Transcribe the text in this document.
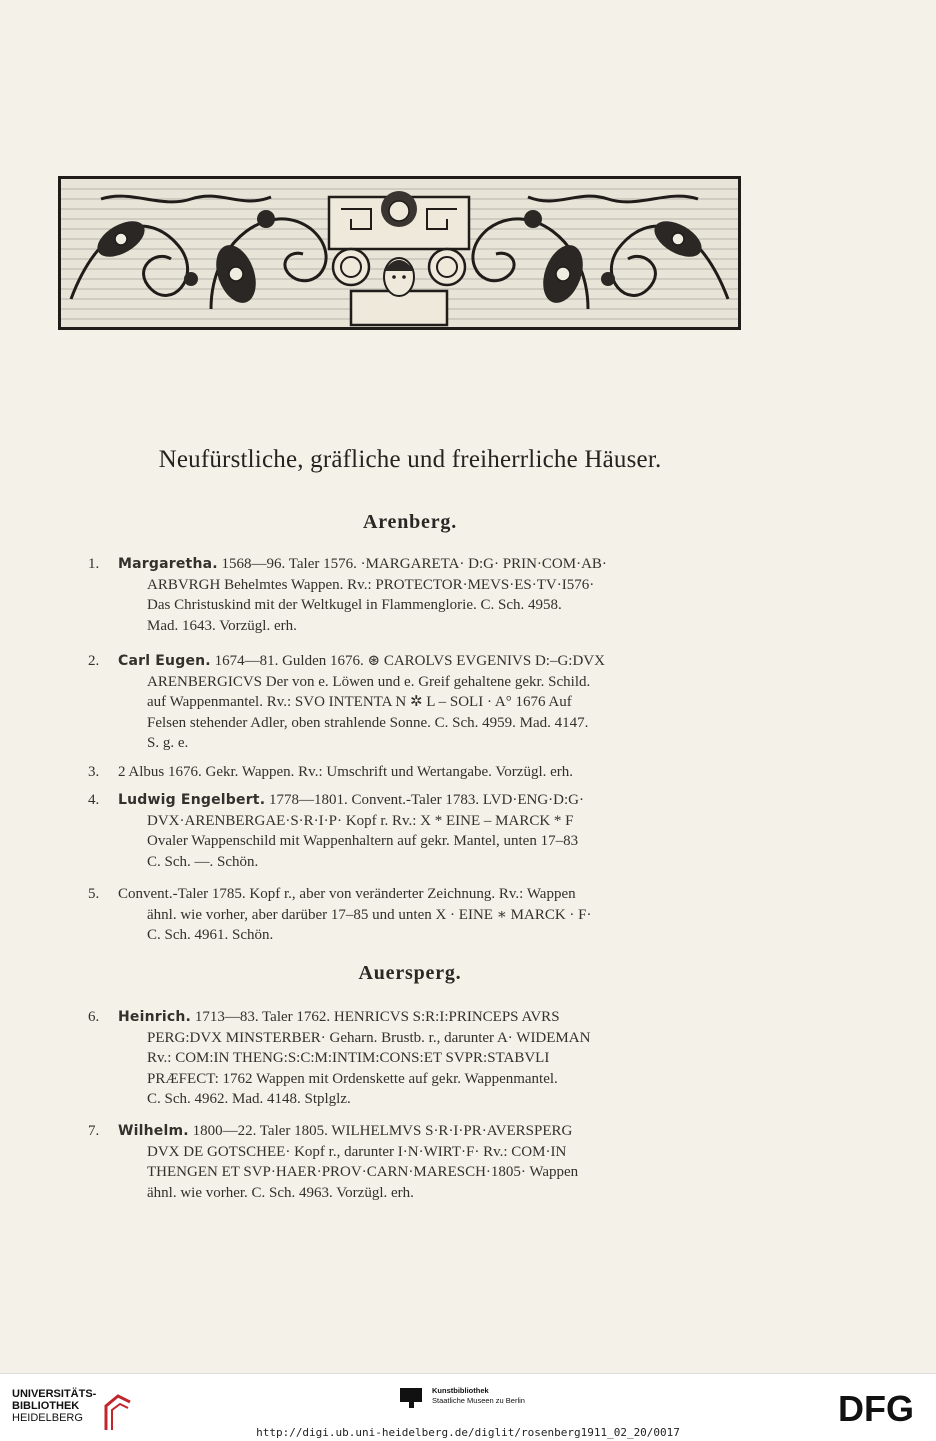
Neufürstliche, gräfliche und freiherrliche Häuser.
Arenberg.
1.	Margaretha. 1568—96. Taler 1576. ·MARGARETA· D:G· PRIN·COM·AB·
ARBVRGH Behelmtes Wappen. Rv.: PROTECTOR·MEVS·ES·TV·I576·
Das Christuskind mit der Weltkugel in Flammenglorie. C. Sch. 4958.
Mad. 1643. Vorzügl. erh.
2.	Carl Eugen. 1674—81. Gulden 1676. ⊛ CAROLVS EVGENIVS D:–G:DVX
ARENBERGICVS Der von e. Löwen und e. Greif gehaltene gekr. Schild.
auf Wappenmantel. Rv.: SVO INTENTA N ✲ L – SOLI · A° 1676 Auf
Felsen stehender Adler, oben strahlende Sonne. C. Sch. 4959. Mad. 4147.
S. g. e.
3.	2 Albus 1676. Gekr. Wappen. Rv.: Umschrift und Wertangabe. Vorzügl. erh.
4.	Ludwig Engelbert. 1778—1801. Convent.-Taler 1783. LVD·ENG·D:G·
DVX·ARENBERGAE·S·R·I·P· Kopf r. Rv.: X * EINE – MARCK * F
Ovaler Wappenschild mit Wappenhaltern auf gekr. Mantel, unten 17–83
C. Sch. —. Schön.
5.	Convent.-Taler 1785. Kopf r., aber von veränderter Zeichnung. Rv.: Wappen
ähnl. wie vorher, aber darüber 17–85 und unten X · EINE ∗ MARCK · F·
C. Sch. 4961. Schön.
Auersperg.
6.	Heinrich. 1713—83. Taler 1762. HENRICVS S:R:I:PRINCEPS AVRS
PERG:DVX MINSTERBER· Geharn. Brustb. r., darunter A· WIDEMAN
Rv.: COM:IN THENG:S:C:M:INTIM:CONS:ET SVPR:STABVLI
PRÆFECT: 1762 Wappen mit Ordenskette auf gekr. Wappenmantel.
C. Sch. 4962. Mad. 4148. Stplglz.
7.	Wilhelm. 1800—22. Taler 1805. WILHELMVS S·R·I·PR·AVERSPERG
DVX DE GOTSCHEE· Kopf r., darunter I·N·WIRT·F· Rv.: COM·IN
THENGEN ET SVP·HAER·PROV·CARN·MARESCH·1805· Wappen
ähnl. wie vorher. C. Sch. 4963. Vorzügl. erh.
UNIVERSITÄTS-
BIBLIOTHEK
HEIDELBERG
Kunstbibliothek
Staatliche Museen zu Berlin	DFG
http://digi.ub.uni-heidelberg.de/diglit/rosenberg1911_02_20/0017
